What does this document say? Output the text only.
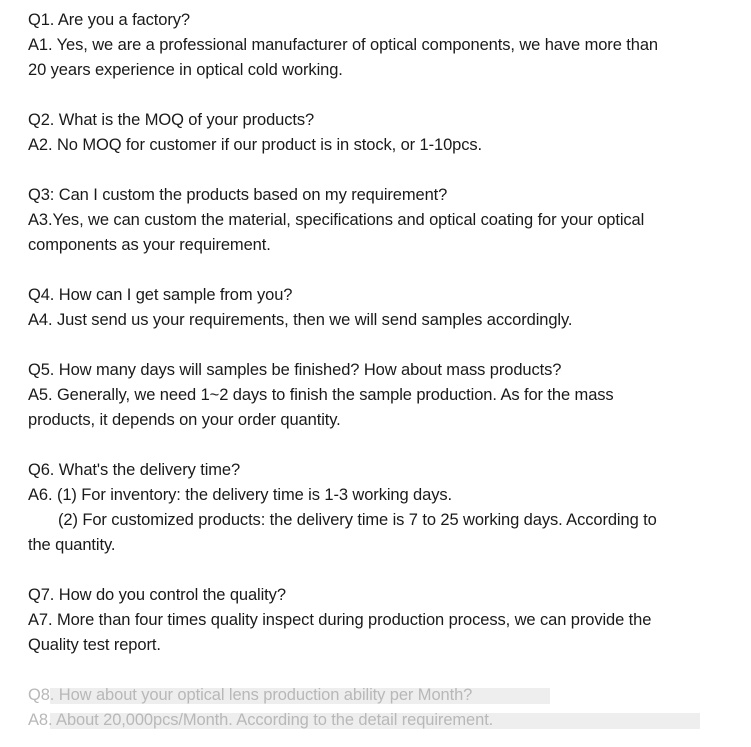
Q1. Are you a factory?
A1. Yes, we are a professional manufacturer of optical components, we have more than
20 years experience in optical cold working.
Q2. What is the MOQ of your products?
A2. No MOQ for customer if our product is in stock, or 1-10pcs.
Q3: Can I custom the products based on my requirement?
A3.Yes, we can custom the material, specifications and optical coating for your optical
components as your requirement.
Q4. How can I get sample from you?
A4. Just send us your requirements, then we will send samples accordingly.
Q5. How many days will samples be finished? How about mass products?
A5. Generally, we need 1~2 days to finish the sample production. As for the mass
products, it depends on your order quantity.
Q6. What's the delivery time?
A6. (1) For inventory: the delivery time is 1-3 working days.
(2) For customized products: the delivery time is 7 to 25 working days. According to
the quantity.
Q7. How do you control the quality?
A7. More than four times quality inspect during production process, we can provide the
Quality test report.
Q8. How about your optical lens production ability per Month?
A8. About 20,000pcs/Month. According to the detail requirement.
